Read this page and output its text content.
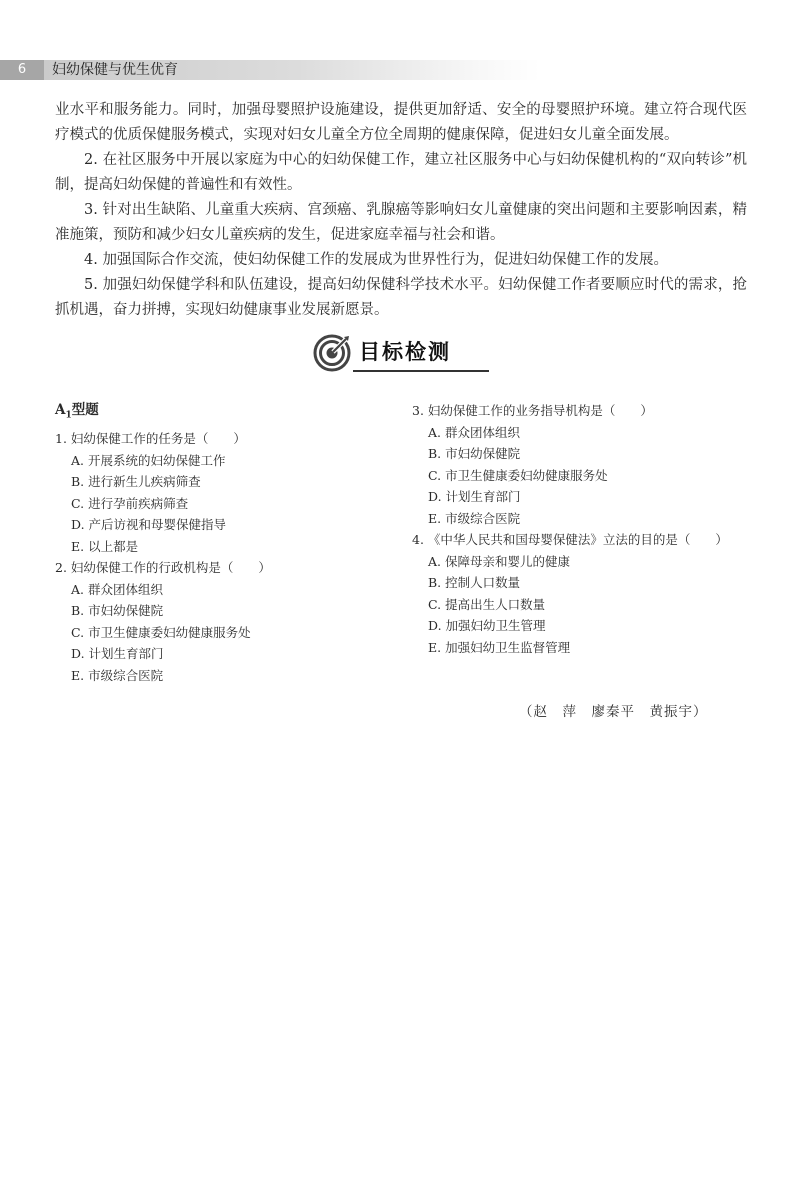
6	妇幼保健与优生优育

业水平和服务能力。同时，加强母婴照护设施建设，提供更加舒适、安全的母婴照护环境。建立符合现代医疗模式的优质保健服务模式，实现对妇女儿童全方位全周期的健康保障，促进妇女儿童全面发展。

2. 在社区服务中开展以家庭为中心的妇幼保健工作，建立社区服务中心与妇幼保健机构的“双向转诊”机制，提高妇幼保健的普遍性和有效性。

3. 针对出生缺陷、儿童重大疾病、宫颈癌、乳腺癌等影响妇女儿童健康的突出问题和主要影响因素，精准施策，预防和减少妇女儿童疾病的发生，促进家庭幸福与社会和谐。

4. 加强国际合作交流，使妇幼保健工作的发展成为世界性行为，促进妇幼保健工作的发展。

5. 加强妇幼保健学科和队伍建设，提高妇幼保健科学技术水平。妇幼保健工作者要顺应时代的需求，抢抓机遇，奋力拼搏，实现妇幼健康事业发展新愿景。

目标检测
$A_1$型题

1. 妇幼保健工作的任务是（　　）

A. 开展系统的妇幼保健工作

B. 进行新生儿疾病筛查

C. 进行孕前疾病筛查

D. 产后访视和母婴保健指导

E. 以上都是

2. 妇幼保健工作的行政机构是（　　）

A. 群众团体组织

B. 市妇幼保健院

C. 市卫生健康委妇幼健康服务处

D. 计划生育部门

E. 市级综合医院

3. 妇幼保健工作的业务指导机构是（　　）

A. 群众团体组织

B. 市妇幼保健院

C. 市卫生健康委妇幼健康服务处

D. 计划生育部门

E. 市级综合医院

4. 《中华人民共和国母婴保健法》立法的目的是（　　）

A. 保障母亲和婴儿的健康

B. 控制人口数量

C. 提高出生人口数量

D. 加强妇幼卫生管理

E. 加强妇幼卫生监督管理

（赵　萍　廖秦平　黄振宇）
